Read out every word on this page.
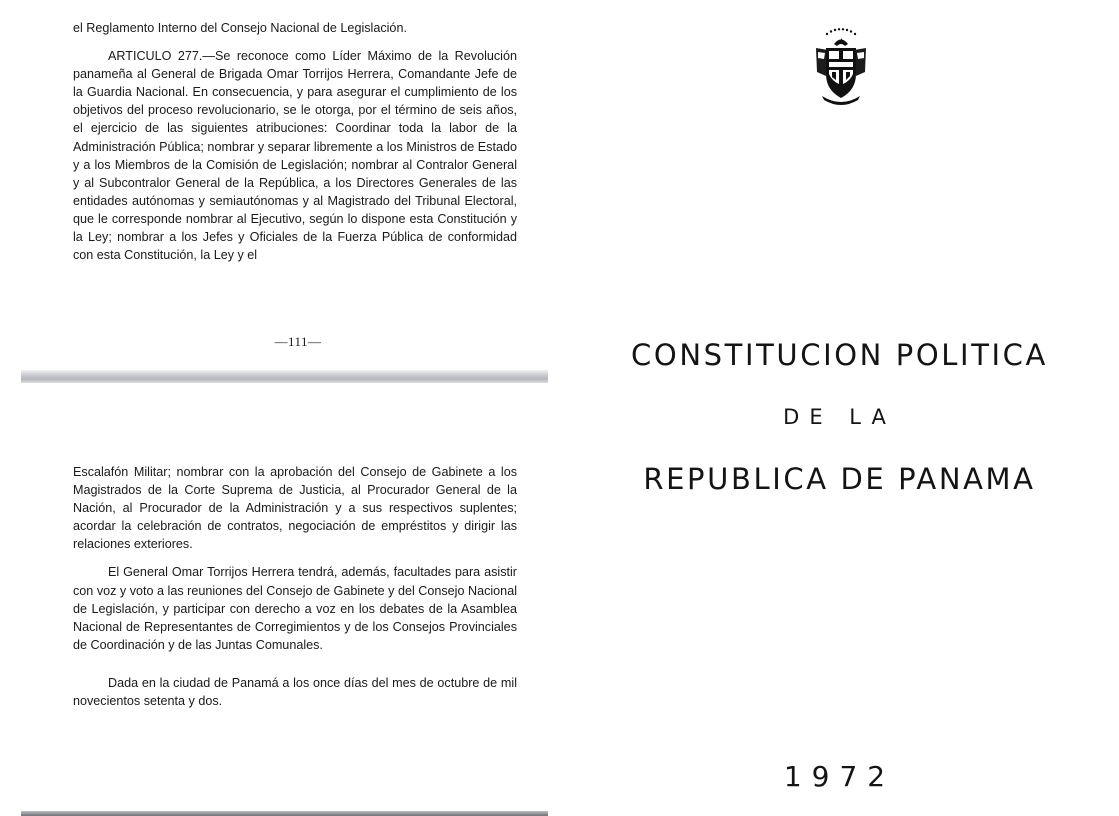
el Reglamento Interno del Consejo Nacional de Legislación.

ARTICULO 277.—Se reconoce como Líder Máximo de la Revolución panameña al General de Brigada Omar Torrijos Herrera, Comandante Jefe de la Guardia Nacional. En consecuencia, y para asegurar el cumplimiento de los objetivos del proceso revolucionario, se le otorga, por el término de seis años, el ejercicio de las siguientes atribuciones: Coordinar toda la labor de la Administración Pública; nombrar y separar libremente a los Ministros de Estado y a los Miembros de la Comisión de Legislación; nombrar al Contralor General y al Subcontralor General de la República, a los Directores Generales de las entidades autónomas y semiautónomas y al Magistrado del Tribunal Electoral, que le corresponde nombrar al Ejecutivo, según lo dispone esta Constitución y la Ley; nombrar a los Jefes y Oficiales de la Fuerza Pública de conformidad con esta Constitución, la Ley y el

—111—

Escalafón Militar; nombrar con la aprobación del Consejo de Gabinete a los Magistrados de la Corte Suprema de Justicia, al Procurador General de la Nación, al Procurador de la Administración y a sus respectivos suplentes; acordar la celebración de contratos, negociación de empréstitos y dirigir las relaciones exteriores.

El General Omar Torrijos Herrera tendrá, además, facultades para asistir con voz y voto a las reuniones del Consejo de Gabinete y del Consejo Nacional de Legislación, y participar con derecho a voz en los debates de la Asamblea Nacional de Representantes de Corregimientos y de los Consejos Provinciales de Coordinación y de las Juntas Comunales.

Dada en la ciudad de Panamá a los once días del mes de octubre de mil novecientos setenta y dos.

CONSTITUCION POLITICA
DE LA
REPUBLICA DE PANAMA
1972
